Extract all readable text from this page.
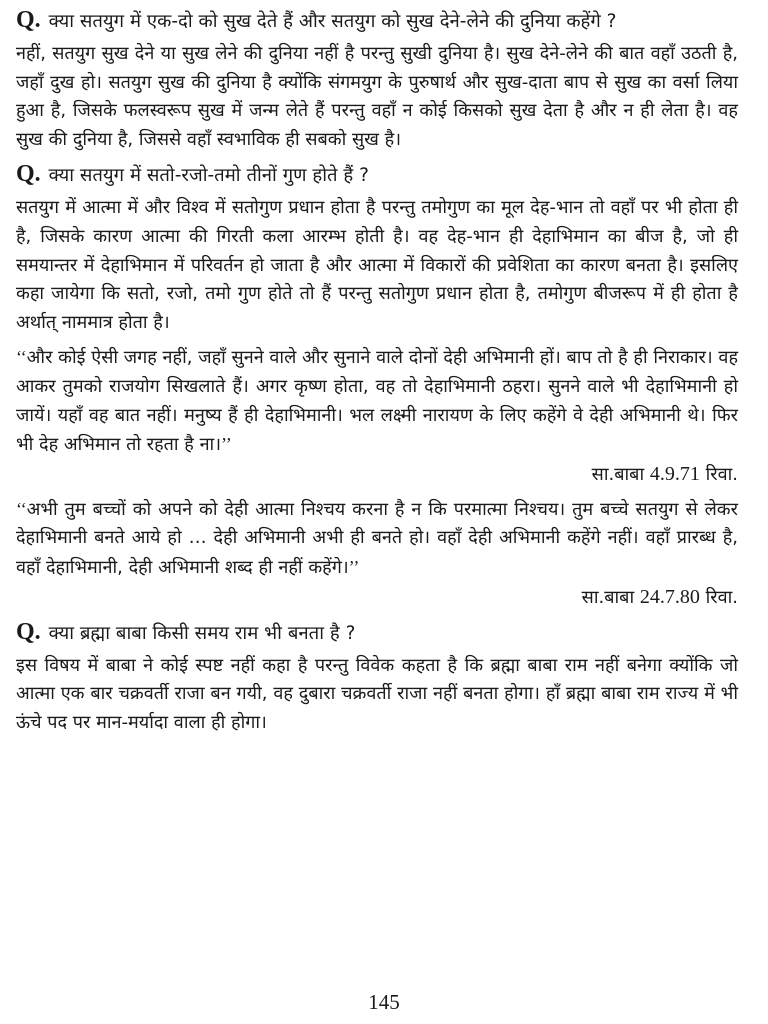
Q. क्या सतयुग में एक-दो को सुख देते हैं और सतयुग को सुख देने-लेने की दुनिया कहेंगे ?
नहीं, सतयुग सुख देने या सुख लेने की दुनिया नहीं है परन्तु सुखी दुनिया है। सुख देने-लेने की बात वहाँ उठती है, जहाँ दुख हो। सतयुग सुख की दुनिया है क्योंकि संगमयुग के पुरुषार्थ और सुख-दाता बाप से सुख का वर्सा लिया हुआ है, जिसके फलस्वरूप सुख में जन्म लेते हैं परन्तु वहाँ न कोई किसको सुख देता है और न ही लेता है। वह सुख की दुनिया है, जिससे वहाँ स्वभाविक ही सबको सुख है।
Q. क्या सतयुग में सतो-रजो-तमो तीनों गुण होते हैं ?
सतयुग में आत्मा में और विश्व में सतोगुण प्रधान होता है परन्तु तमोगुण का मूल देह-भान तो वहाँ पर भी होता ही है, जिसके कारण आत्मा की गिरती कला आरम्भ होती है। वह देह-भान ही देहाभिमान का बीज है, जो ही समयान्तर में देहाभिमान में परिवर्तन हो जाता है और आत्मा में विकारों की प्रवेशिता का कारण बनता है। इसलिए कहा जायेगा कि सतो, रजो, तमो गुण होते तो हैं परन्तु सतोगुण प्रधान होता है, तमोगुण बीजरूप में ही होता है अर्थात् नाममात्र होता है।
‘‘और कोई ऐसी जगह नहीं, जहाँ सुनने वाले और सुनाने वाले दोनों देही अभिमानी हों। बाप तो है ही निराकार। वह आकर तुमको राजयोग सिखलाते हैं। अगर कृष्ण होता, वह तो देहाभिमानी ठहरा। सुनने वाले भी देहाभिमानी हो जायें। यहाँ वह बात नहीं। मनुष्य हैं ही देहाभिमानी। भल लक्ष्मी नारायण के लिए कहेंगे वे देही अभिमानी थे। फिर भी देह अभिमान तो रहता है ना।’’
सा.बाबा 4.9.71 रिवा.
‘‘अभी तुम बच्चों को अपने को देही आत्मा निश्चय करना है न कि परमात्मा निश्चय। तुम बच्चे सतयुग से लेकर देहाभिमानी बनते आये हो … देही अभिमानी अभी ही बनते हो। वहाँ देही अभिमानी कहेंगे नहीं। वहाँ प्रारब्ध है, वहाँ देहाभिमानी, देही अभिमानी शब्द ही नहीं कहेंगे।’’
सा.बाबा 24.7.80 रिवा.
Q. क्या ब्रह्मा बाबा किसी समय राम भी बनता है ?
इस विषय में बाबा ने कोई स्पष्ट नहीं कहा है परन्तु विवेक कहता है कि ब्रह्मा बाबा राम नहीं बनेगा क्योंकि जो आत्मा एक बार चक्रवर्ती राजा बन गयी, वह दुबारा चक्रवर्ती राजा नहीं बनता होगा। हाँ ब्रह्मा बाबा राम राज्य में भी ऊंचे पद पर मान-मर्यादा वाला ही होगा।
145
